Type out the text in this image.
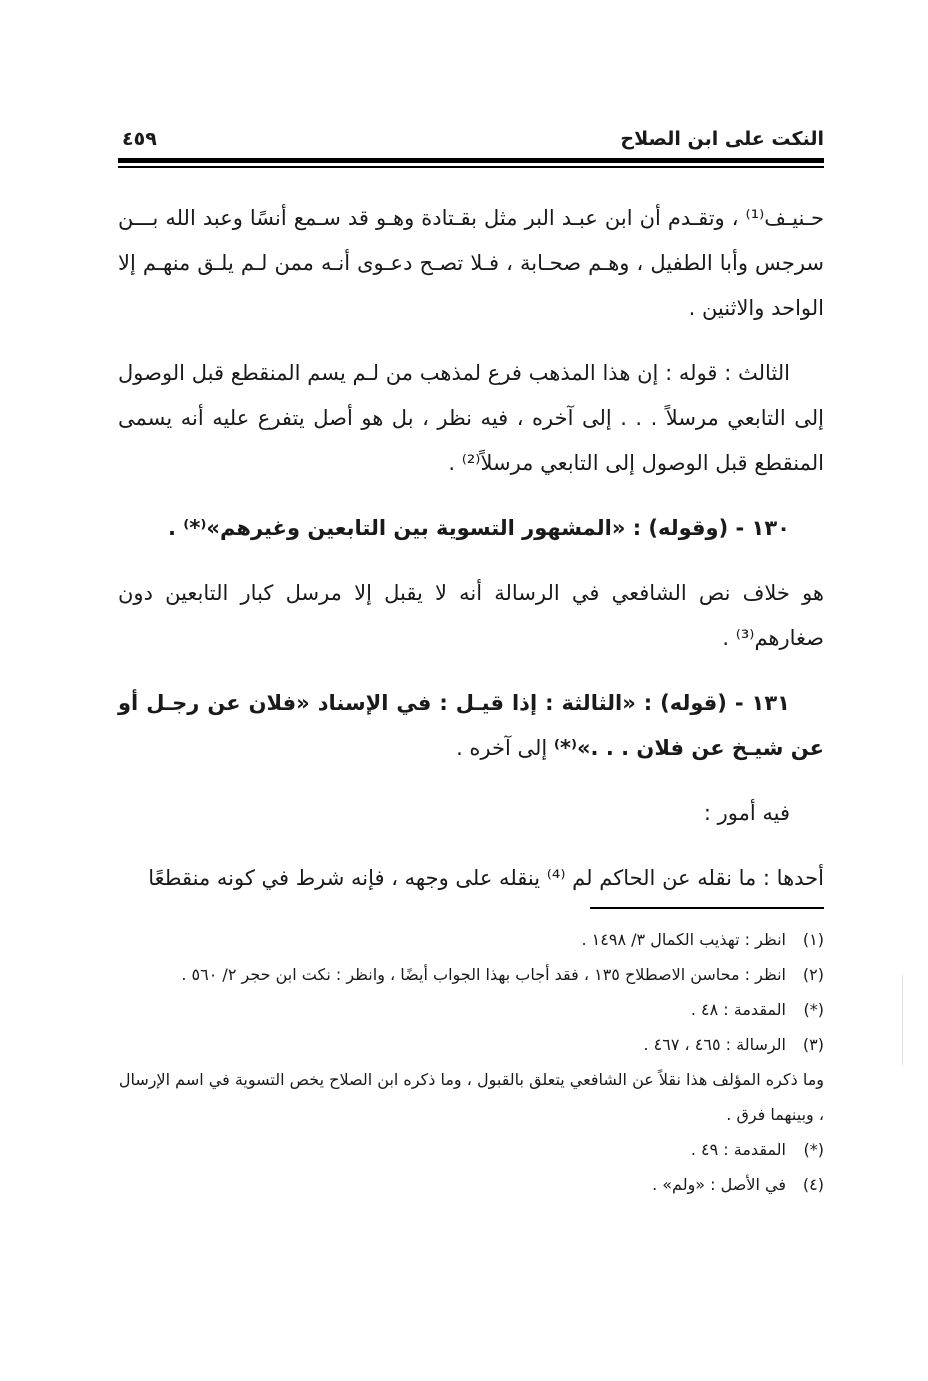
النكت على ابن الصلاح
٤٥٩

حـنيـف⁽¹⁾ ، وتقـدم أن ابن عبـد البر مثل بقـتادة وهـو قد سـمع أنسًا وعبد الله بـــن سرجس وأبا الطفيل ، وهـم صحـابة ، فـلا تصـح دعـوى أنـه ممن لـم يلـق منهـم إلا الواحد والاثنين .

الثالث : قوله : إن هذا المذهب فرع لمذهب من لـم يسم المنقطع قبل الوصول إلى التابعي مرسلاً . . . إلى آخره ، فيه نظر ، بل هو أصل يتفرع عليه أنه يسمى المنقطع قبل الوصول إلى التابعي مرسلاً⁽²⁾ .

١٣٠ - (وقوله) : «المشهور التسوية بين التابعين وغيرهم»⁽*⁾ .

هو خلاف نص الشافعي في الرسالة أنه لا يقبل إلا مرسل كبار التابعين دون صغارهم⁽³⁾ .

١٣١ - (قوله) : «الثالثة : إذا قيـل : في الإسناد «فلان عن رجـل أو عن شيـخ عن فلان . . .»⁽*⁾ إلى آخره .

فيه أمور :

أحدها : ما نقله عن الحاكم لم ⁽⁴⁾ ينقله على وجهه ، فإنه شرط في كونه منقطعًا

(١)
انظر : تهذيب الكمال ٣/ ١٤٩٨ .
(٢)
انظر : محاسن الاصطلاح ١٣٥ ، فقد أجاب بهذا الجواب أيضًا ، وانظر : نكت ابن حجر ٢/ ٥٦٠ .
(*)
المقدمة : ٤٨ .
(٣)
الرسالة : ٤٦٥ ، ٤٦٧ .
وما ذكره المؤلف هذا نقلاً عن الشافعي يتعلق بالقبول ، وما ذكره ابن الصلاح يخص التسوية في اسم الإرسال ، وبينهما فرق .
(*)
المقدمة : ٤٩ .
(٤)
في الأصل : «ولم» .
